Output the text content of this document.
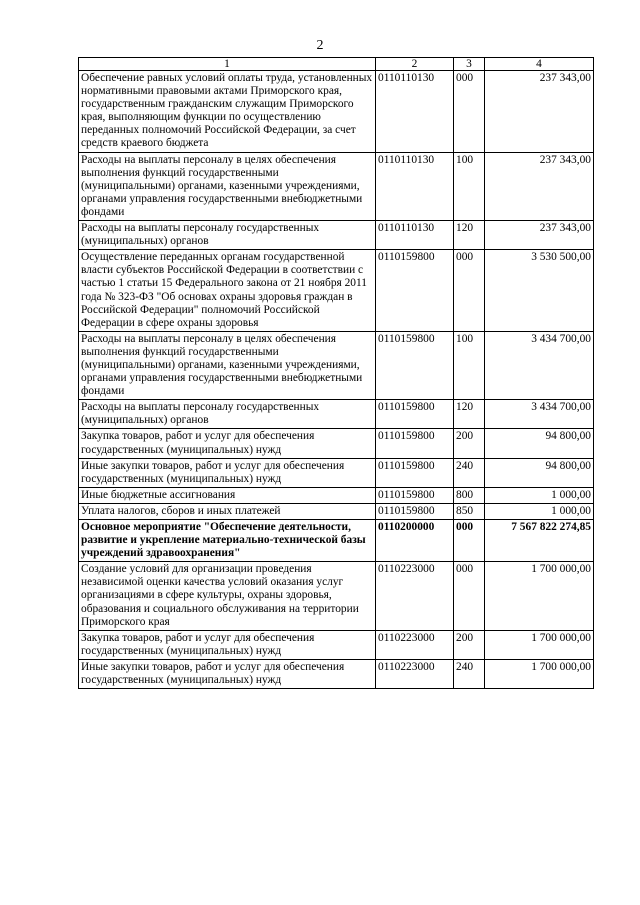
2
1	2	3	4
Обеспечение равных условий оплаты труда, установленных нормативными правовыми актами Приморского края, государственным гражданским служащим Приморского края, выполняющим функции по осуществлению переданных полномочий Российской Федерации, за счет средств краевого бюджета	0110110130	000	237 343,00
Расходы на выплаты персоналу в целях обеспечения выполнения функций государственными (муниципальными) органами, казенными учреждениями, органами управления государственными внебюджетными фондами	0110110130	100	237 343,00
Расходы на выплаты персоналу государственных (муниципальных) органов	0110110130	120	237 343,00
Осуществление переданных органам государственной власти субъектов Российской Федерации в соответствии с частью 1 статьи 15 Федерального закона от 21 ноября 2011 года № 323-ФЗ "Об основах охраны здоровья граждан в Российской Федерации" полномочий Российской Федерации в сфере охраны здоровья	0110159800	000	3 530 500,00
Расходы на выплаты персоналу в целях обеспечения выполнения функций государственными (муниципальными) органами, казенными учреждениями, органами управления государственными внебюджетными фондами	0110159800	100	3 434 700,00
Расходы на выплаты персоналу государственных (муниципальных) органов	0110159800	120	3 434 700,00
Закупка товаров, работ и услуг для обеспечения государственных (муниципальных) нужд	0110159800	200	94 800,00
Иные закупки товаров, работ и услуг для обеспечения государственных (муниципальных) нужд	0110159800	240	94 800,00
Иные бюджетные ассигнования	0110159800	800	1 000,00
Уплата налогов, сборов и иных платежей	0110159800	850	1 000,00
Основное мероприятие "Обеспечение деятельности, развитие и укрепление материально-технической базы учреждений здравоохранения"	0110200000	000	7 567 822 274,85
Создание условий для организации проведения независимой оценки качества условий оказания услуг организациями в сфере культуры, охраны здоровья, образования и социального обслуживания на территории Приморского края	0110223000	000	1 700 000,00
Закупка товаров, работ и услуг для обеспечения государственных (муниципальных) нужд	0110223000	200	1 700 000,00
Иные закупки товаров, работ и услуг для обеспечения государственных (муниципальных) нужд	0110223000	240	1 700 000,00
